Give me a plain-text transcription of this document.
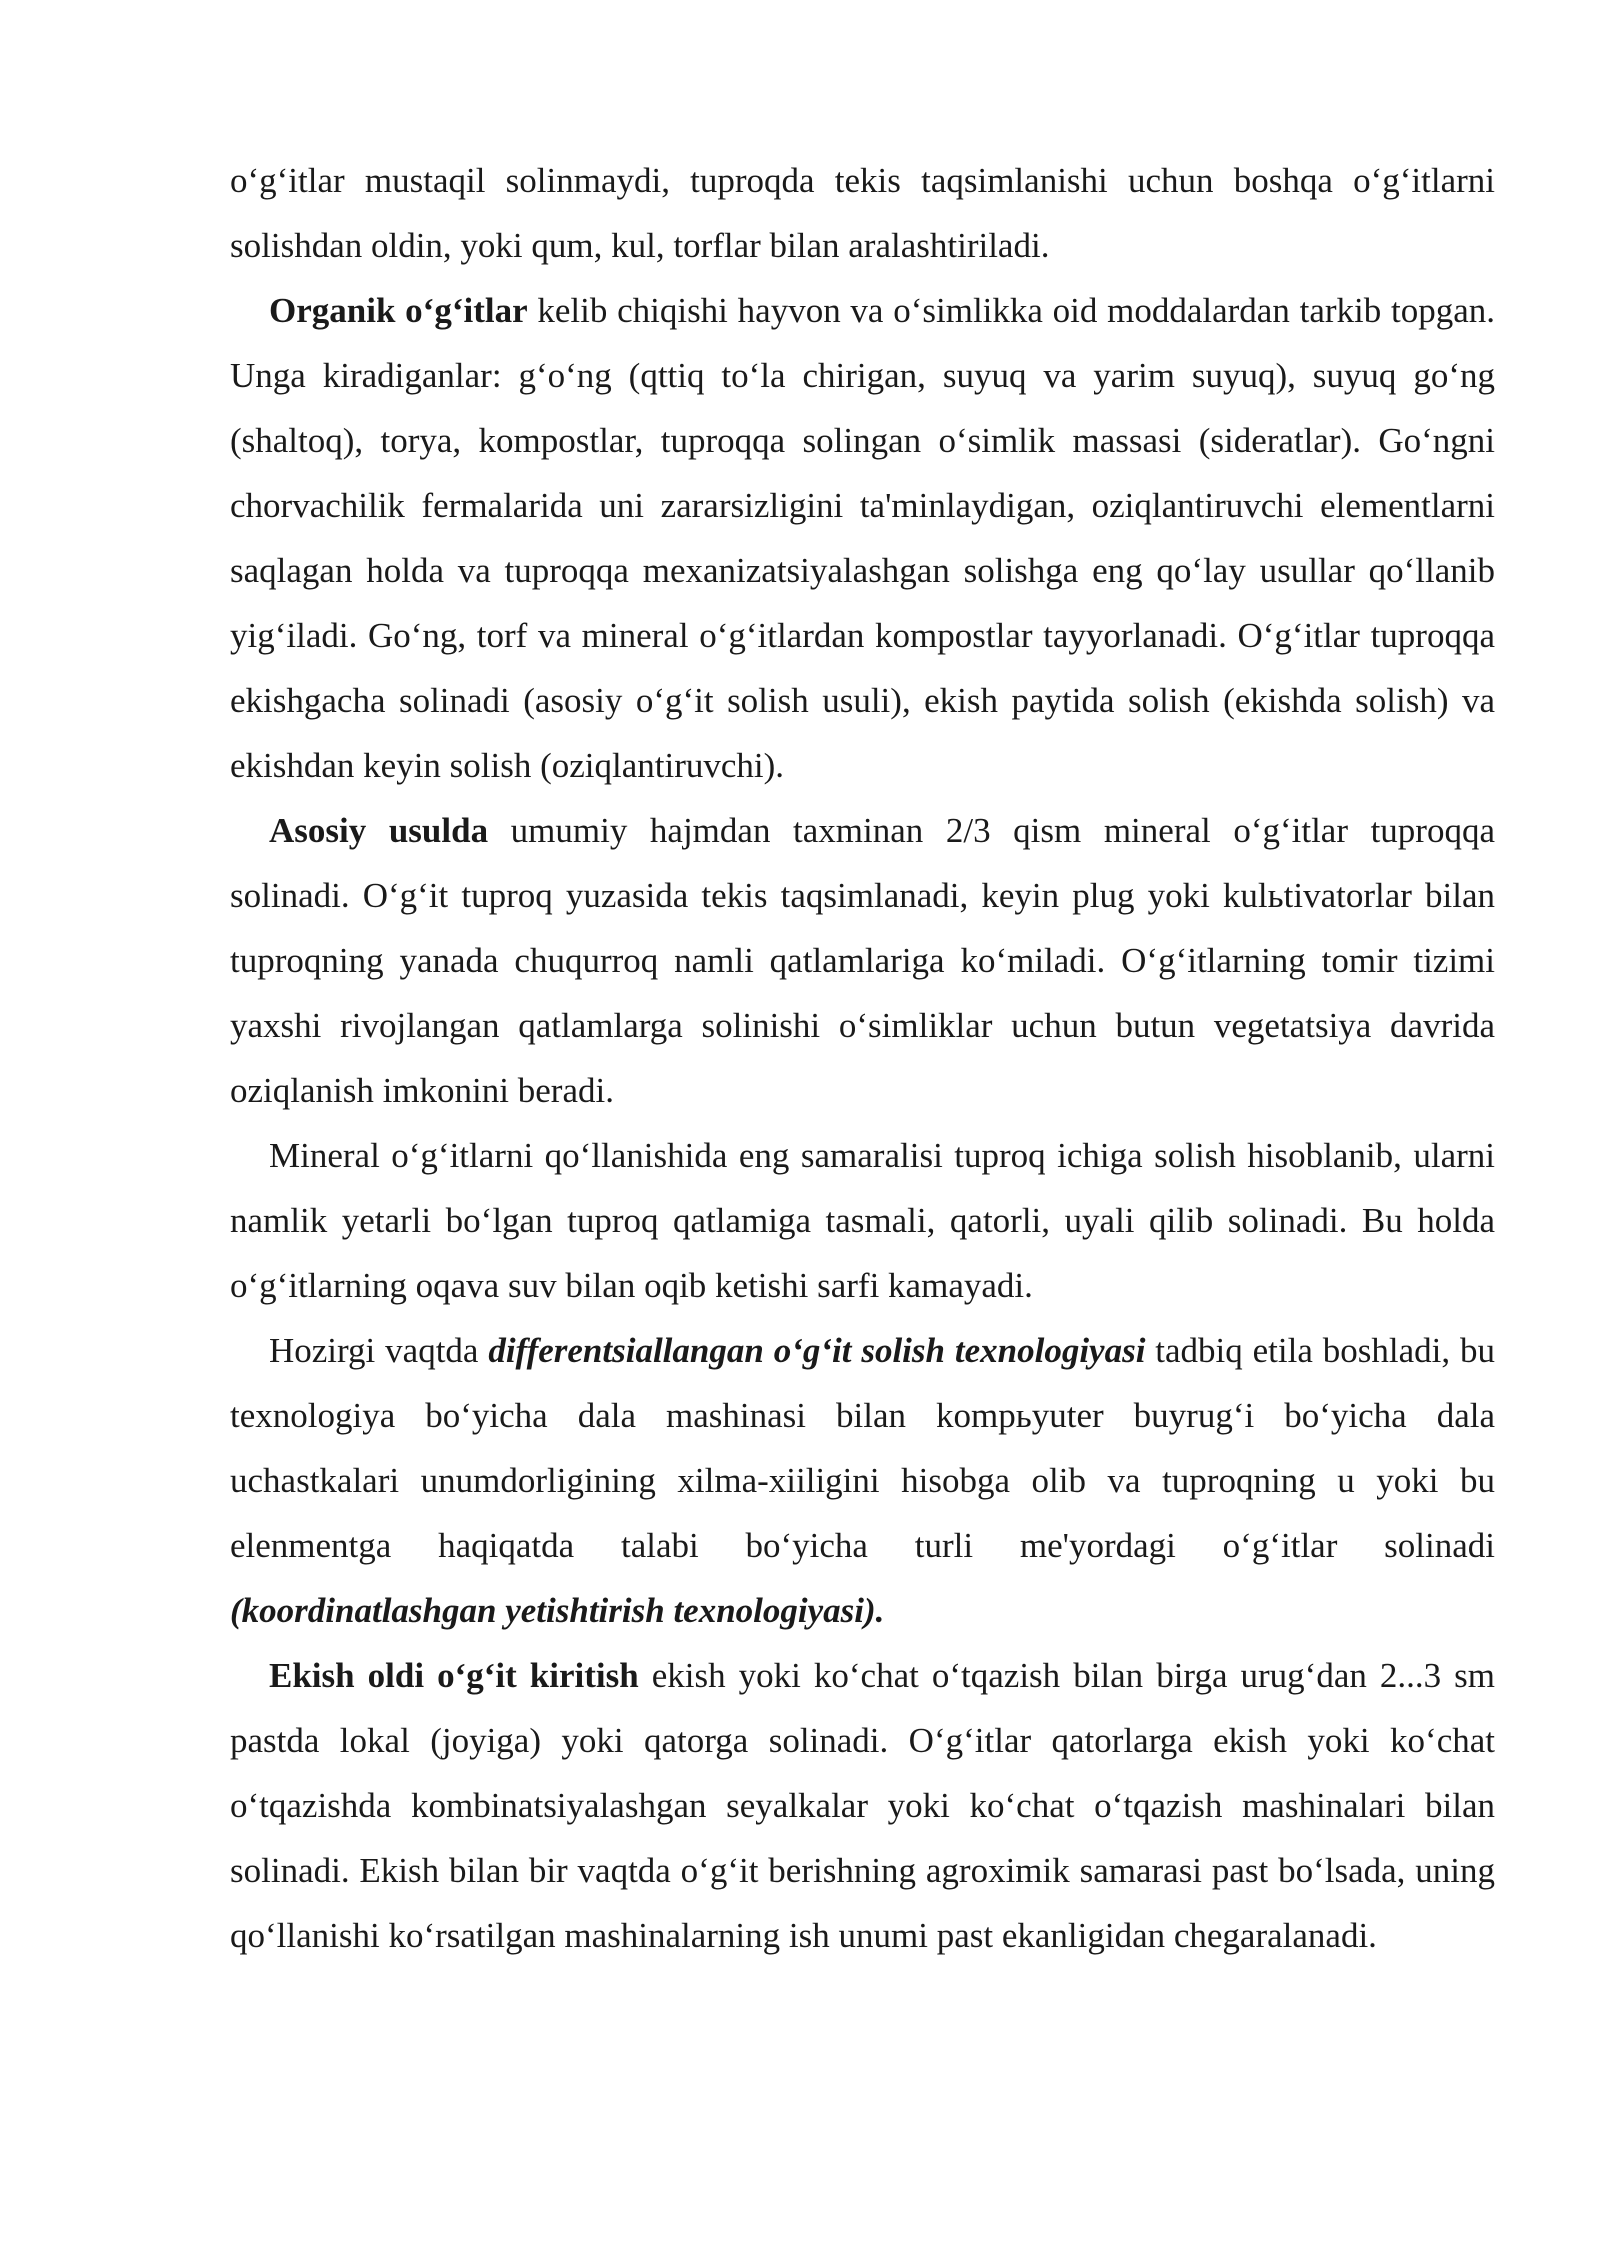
o‘g‘itlar mustaqil solinmaydi, tuproqda tekis taqsimlanishi uchun boshqa o‘g‘itlarni solishdan oldin, yoki qum, kul, torflar bilan aralashtiriladi.

Organik o‘g‘itlar kelib chiqishi hayvon va o‘simlikka oid moddalardan tarkib topgan. Unga kiradiganlar: g‘o‘ng (qttiq to‘la chirigan, suyuq va yarim suyuq), suyuq go‘ng (shaltoq), torya, kompostlar, tuproqqa solingan o‘simlik massasi (sideratlar). Go‘ngni chorvachilik fermalarida uni zararsizligini ta'minlaydigan, oziqlantiruvchi elementlarni saqlagan holda va tuproqqa mexanizatsiyalashgan solishga eng qo‘lay usullar qo‘llanib yig‘iladi. Go‘ng, torf va mineral o‘g‘itlardan kompostlar tayyorlanadi. O‘g‘itlar tuproqqa ekishgacha solinadi (asosiy o‘g‘it solish usuli), ekish paytida solish (ekishda solish) va ekishdan keyin solish (oziqlantiruvchi).

Asosiy usulda umumiy hajmdan taxminan 2/3 qism mineral o‘g‘itlar tuproqqa solinadi. O‘g‘it tuproq yuzasida tekis taqsimlanadi, keyin plug yoki kulьtivatorlar bilan tuproqning yanada chuqurroq namli qatlamlariga ko‘miladi. O‘g‘itlarning tomir tizimi yaxshi rivojlangan qatlamlarga solinishi o‘simliklar uchun butun vegetatsiya davrida oziqlanish imkonini beradi.

Mineral o‘g‘itlarni qo‘llanishida eng samaralisi tuproq ichiga solish hisoblanib, ularni namlik yetarli bo‘lgan tuproq qatlamiga tasmali, qatorli, uyali qilib solinadi. Bu holda o‘g‘itlarning oqava suv bilan oqib ketishi sarfi kamayadi.

Hozirgi vaqtda differentsiallangan o‘g‘it solish texnologiyasi tadbiq etila boshladi, bu texnologiya bo‘yicha dala mashinasi bilan kompьyuter buyrug‘i bo‘yicha dala uchastkalari unumdorligining xilma-xiiligini hisobga olib va tuproqning u yoki bu elenmentga haqiqatda talabi bo‘yicha turli me'yordagi o‘g‘itlar solinadi (koordinatlashgan yetishtirish texnologiyasi).

Ekish oldi o‘g‘it kiritish ekish yoki ko‘chat o‘tqazish bilan birga urug‘dan 2...3 sm pastda lokal (joyiga) yoki qatorga solinadi. O‘g‘itlar qatorlarga ekish yoki ko‘chat o‘tqazishda kombinatsiyalashgan seyalkalar yoki ko‘chat o‘tqazish mashinalari bilan solinadi. Ekish bilan bir vaqtda o‘g‘it berishning agroximik samarasi past bo‘lsada, uning qo‘llanishi ko‘rsatilgan mashinalarning ish unumi past ekanligidan chegaralanadi.
